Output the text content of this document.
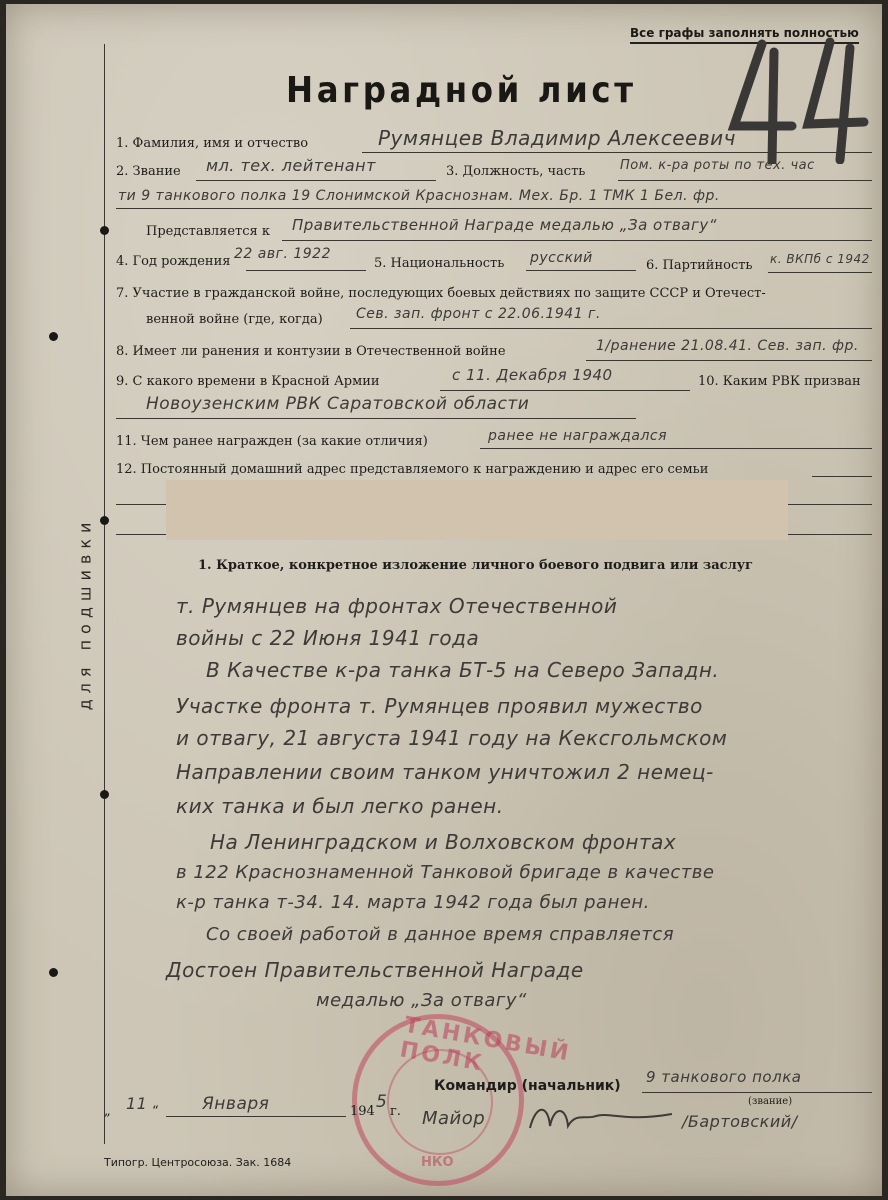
для подшивки
Все графы заполнять полностью
Наградной лист
1. Фамилия, имя и отчество	Румянцев Владимир Алексеевич
2. Звание мл. тех. лейтенант	3. Должность, часть	Пом. к-ра роты по тех. час
ти 9 танкового полка 19 Слонимской Краснознам. Мех. Бр. 1 ТМК 1 Бел. фр.
Представляется к Правительственной Награде медалью „За отвагу“
4. Год рождения 22 авг. 1922
5. Национальность русский	6. Партийность к. ВКПб с 1942
7. Участие в гражданской войне, последующих боевых действиях по защите СССР и Отечест-
венной войне (где, когда) Сев. зап. фронт с 22.06.1941 г.
8. Имеет ли ранения и контузии в Отечественной войне	1/ранение 21.08.41. Сев. зап. фр.
9. С какого времени в Красной Армии	с 11. Декабря 1940	10. Каким РВК призван
Новоузенским РВК Саратовской области
11. Чем ранее награжден (за какие отличия)	ранее не награждался
12. Постоянный домашний адрес представляемого к награждению и адрес его семьи
1. Краткое, конкретное изложение личного боевого подвига или заслуг
т. Румянцев на фронтах Отечественной
войны с 22 Июня 1941 года
В Качестве к-ра танка БТ-5 на Северо Западн.
Участке фронта т. Румянцев проявил мужество
и отвагу, 21 августа 1941 году на Кексгольмском
Направлении своим танком уничтожил 2 немец-
ких танка и был легко ранен.
На Ленинградском и Волховском фронтах
в 122 Краснознаменной Танковой бригаде в качестве
к-р танка т-34. 14. марта 1942 года был ранен.
Со своей работой в данное время справляется
Достоен Правительственной Награде
медалью „За отвагу“
ТАНКОВЫЙ ПОЛК
НКО
Командир (начальник) 9 танкового полка
(звание)
„ 11 “	Января	194 5 г. Майор	/Бартовский/
Типогр. Центросоюза. Зак. 1684
